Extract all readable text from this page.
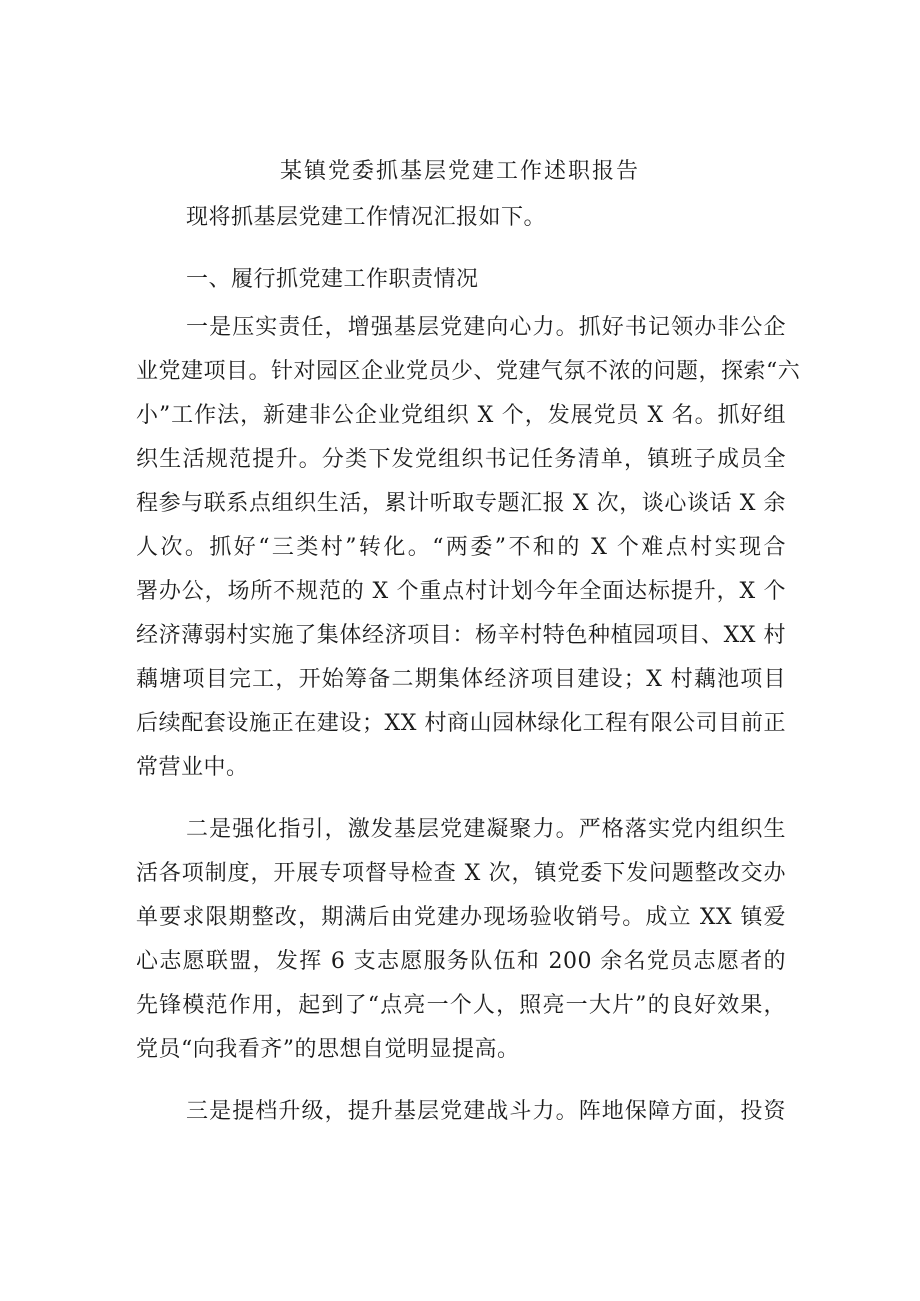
某镇党委抓基层党建工作述职报告
现将抓基层党建工作情况汇报如下。
一、履行抓党建工作职责情况
一是压实责任，增强基层党建向心力。抓好书记领办非公企
业党建项目。针对园区企业党员少、党建气氛不浓的问题，探索“六
小”工作法，新建非公企业党组织 X 个，发展党员 X 名。抓好组
织生活规范提升。分类下发党组织书记任务清单，镇班子成员全
程参与联系点组织生活，累计听取专题汇报 X 次，谈心谈话 X 余
人次。抓好“三类村”转化。“两委”不和的 X 个难点村实现合
署办公，场所不规范的 X 个重点村计划今年全面达标提升，X 个
经济薄弱村实施了集体经济项目：杨辛村特色种植园项目、XX 村
藕塘项目完工，开始筹备二期集体经济项目建设；X 村藕池项目
后续配套设施正在建设；XX 村商山园林绿化工程有限公司目前正
常营业中。
二是强化指引，激发基层党建凝聚力。严格落实党内组织生
活各项制度，开展专项督导检查 X 次，镇党委下发问题整改交办
单要求限期整改，期满后由党建办现场验收销号。成立 XX 镇爱
心志愿联盟，发挥 6 支志愿服务队伍和 200 余名党员志愿者的
先锋模范作用，起到了“点亮一个人，照亮一大片”的良好效果，
党员“向我看齐”的思想自觉明显提高。
三是提档升级，提升基层党建战斗力。阵地保障方面，投资
